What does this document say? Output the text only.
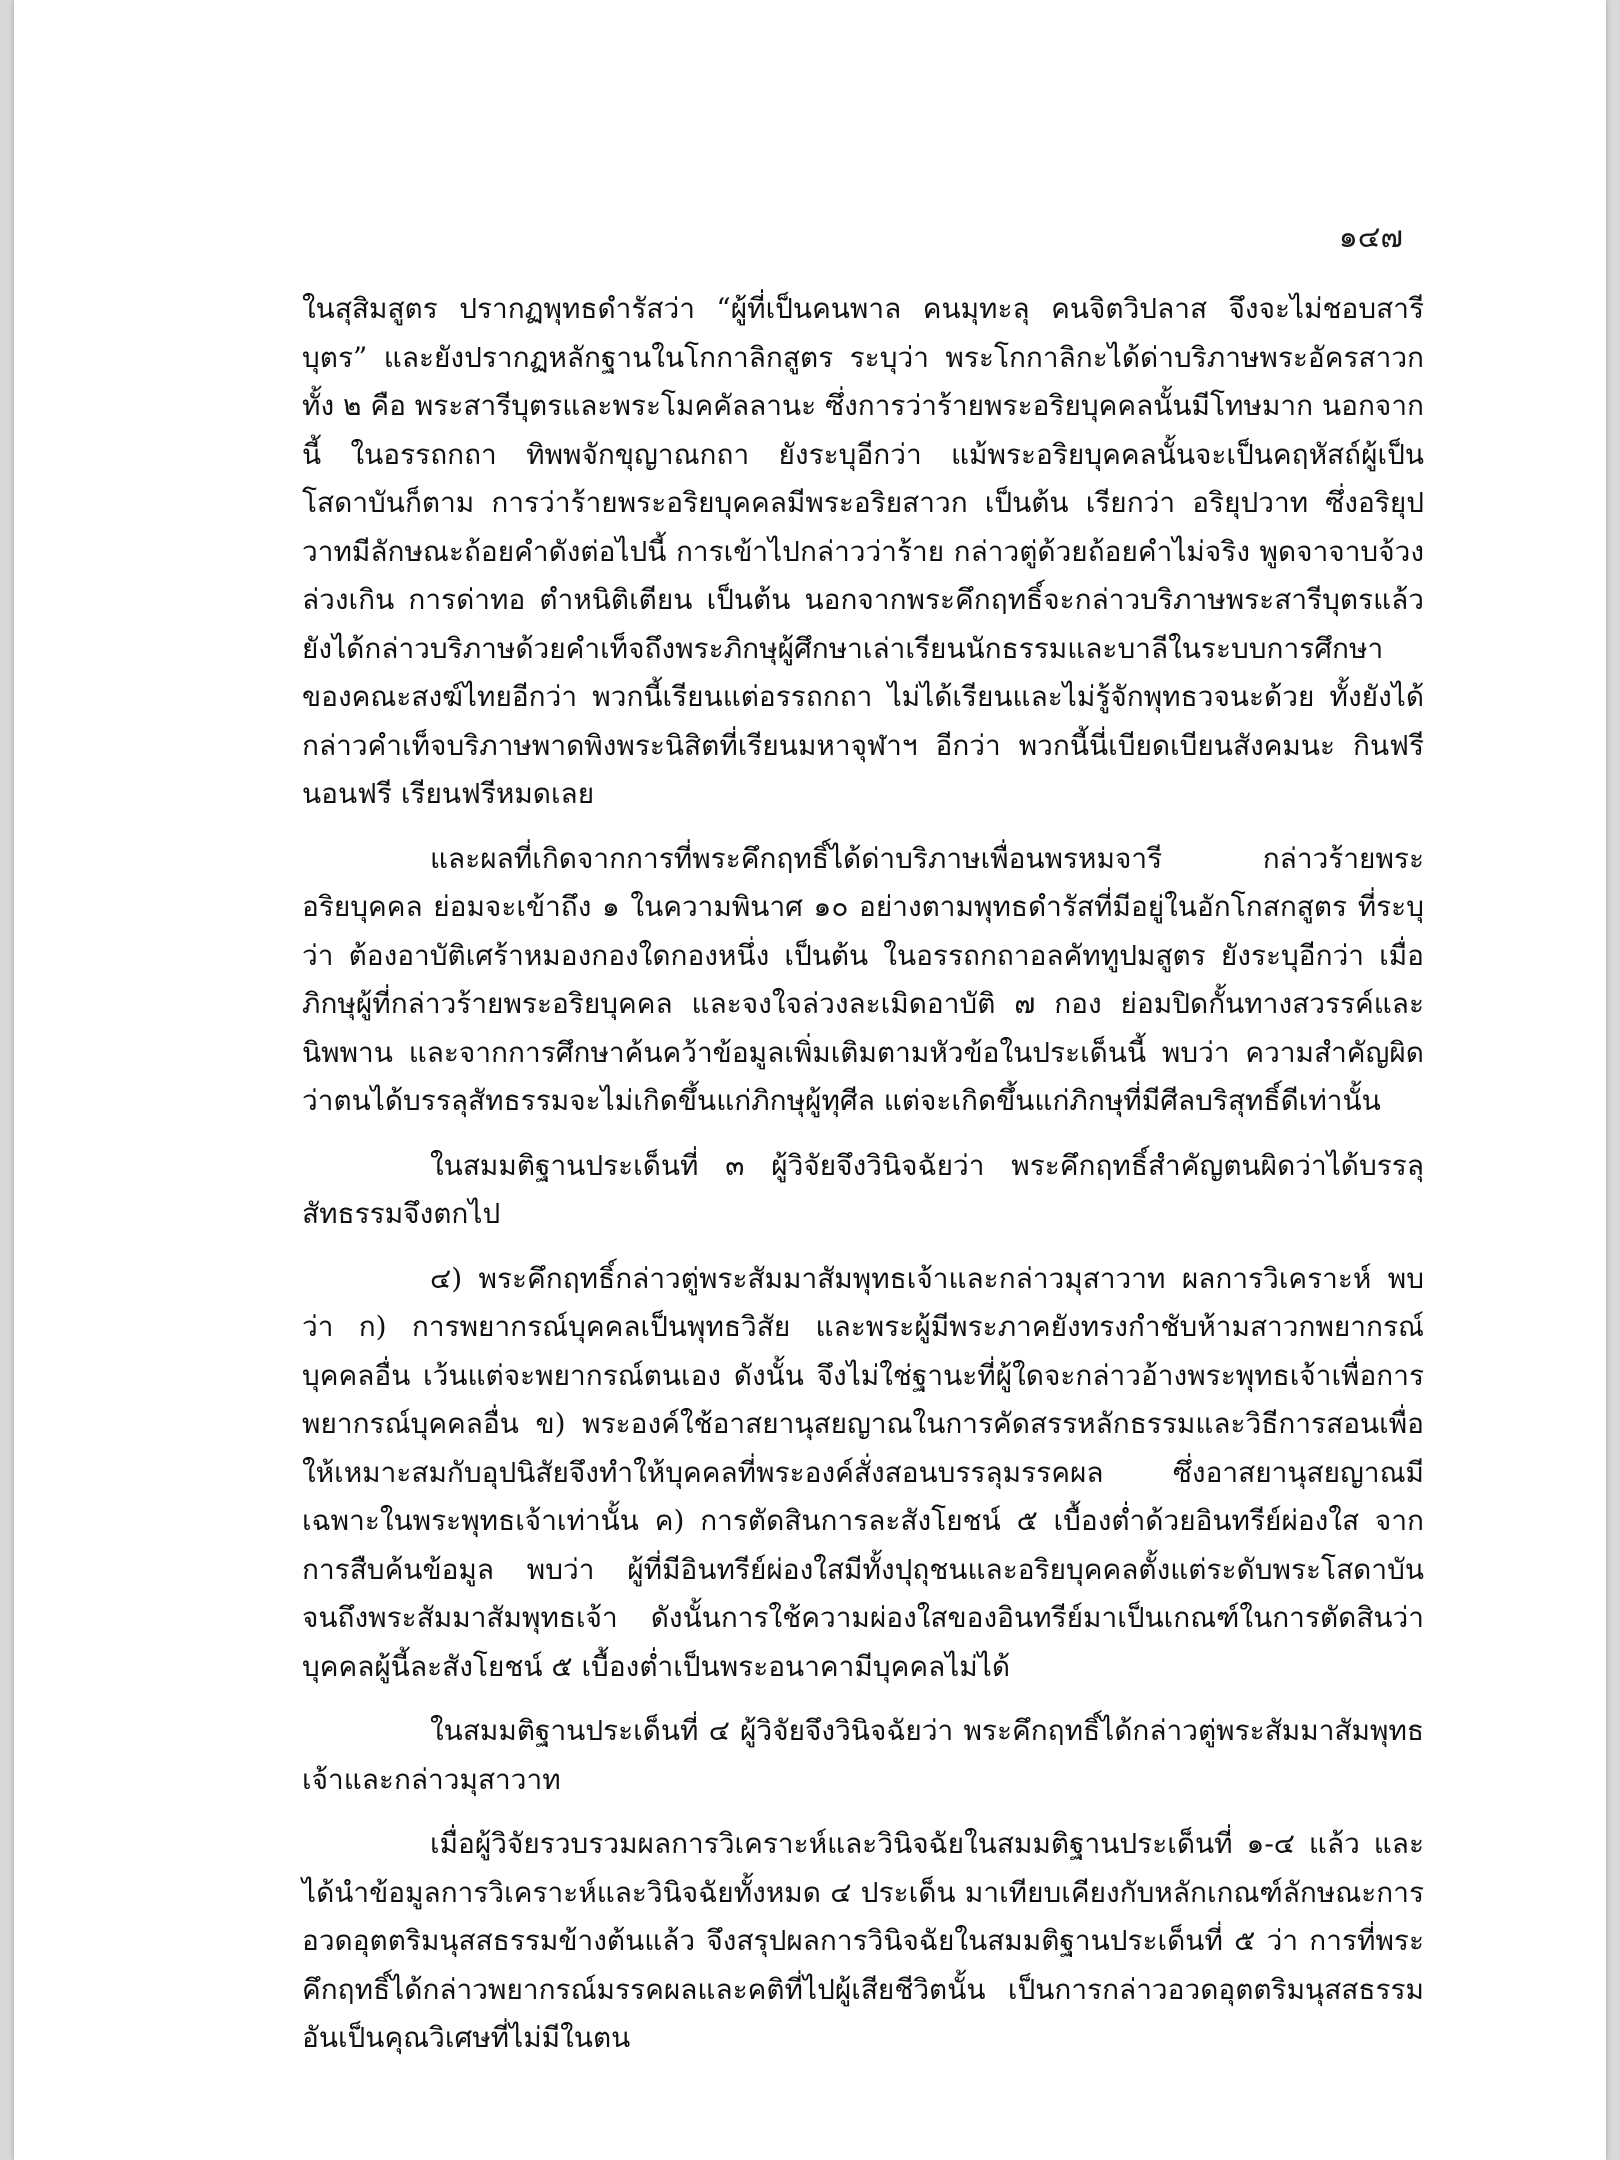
๑๔๗

ในสุสิมสูตร ปรากฏพุทธดำรัสว่า “ผู้ที่เป็นคนพาล คนมุทะลุ คนจิตวิปลาส จึงจะไม่ชอบสารีบุตร” และยังปรากฏหลักฐานในโกกาลิกสูตร ระบุว่า พระโกกาลิกะได้ด่าบริภาษพระอัครสาวกทั้ง ๒ คือ พระสารีบุตรและพระโมคคัลลานะ ซึ่งการว่าร้ายพระอริยบุคคลนั้นมีโทษมาก นอกจากนี้ ในอรรถกถา ทิพพจักขุญาณกถา ยังระบุอีกว่า แม้พระอริยบุคคลนั้นจะเป็นคฤหัสถ์ผู้เป็นโสดาบันก็ตาม การว่าร้ายพระอริยบุคคลมีพระอริยสาวก เป็นต้น เรียกว่า อริยุปวาท ซึ่งอริยุปวาทมีลักษณะถ้อยคำดังต่อไปนี้ การเข้าไปกล่าวว่าร้าย กล่าวตู่ด้วยถ้อยคำไม่จริง พูดจาจาบจ้วงล่วงเกิน การด่าทอ ตำหนิติเตียน เป็นต้น นอกจากพระคึกฤทธิ์จะกล่าวบริภาษพระสารีบุตรแล้ว ยังได้กล่าวบริภาษด้วยคำเท็จถึงพระภิกษุผู้ศึกษาเล่าเรียนนักธรรมและบาลีในระบบการศึกษาของคณะสงฆ์ไทยอีกว่า พวกนี้เรียนแต่อรรถกถา ไม่ได้เรียนและไม่รู้จักพุทธวจนะด้วย ทั้งยังได้กล่าวคำเท็จบริภาษพาดพิงพระนิสิตที่เรียนมหาจุฬาฯ อีกว่า พวกนี้นี่เบียดเบียนสังคมนะ กินฟรี นอนฟรี เรียนฟรีหมดเลย

และผลที่เกิดจากการที่พระคึกฤทธิ์ได้ด่าบริภาษเพื่อนพรหมจารี กล่าวร้ายพระอริยบุคคล ย่อมจะเข้าถึง ๑ ในความพินาศ ๑๐ อย่างตามพุทธดำรัสที่มีอยู่ในอักโกสกสูตร ที่ระบุว่า ต้องอาบัติเศร้าหมองกองใดกองหนึ่ง เป็นต้น ในอรรถกถาอลคัททูปมสูตร ยังระบุอีกว่า เมื่อภิกษุผู้ที่กล่าวร้ายพระอริยบุคคล และจงใจล่วงละเมิดอาบัติ ๗ กอง ย่อมปิดกั้นทางสวรรค์และนิพพาน และจากการศึกษาค้นคว้าข้อมูลเพิ่มเติมตามหัวข้อในประเด็นนี้ พบว่า ความสำคัญผิดว่าตนได้บรรลุสัทธรรมจะไม่เกิดขึ้นแก่ภิกษุผู้ทุศีล แต่จะเกิดขึ้นแก่ภิกษุที่มีศีลบริสุทธิ์ดีเท่านั้น

ในสมมติฐานประเด็นที่ ๓ ผู้วิจัยจึงวินิจฉัยว่า พระคึกฤทธิ์สำคัญตนผิดว่าได้บรรลุสัทธรรมจึงตกไป

๔) พระคึกฤทธิ์กล่าวตู่พระสัมมาสัมพุทธเจ้าและกล่าวมุสาวาท ผลการวิเคราะห์ พบว่า ก) การพยากรณ์บุคคลเป็นพุทธวิสัย และพระผู้มีพระภาคยังทรงกำชับห้ามสาวกพยากรณ์บุคคลอื่น เว้นแต่จะพยากรณ์ตนเอง ดังนั้น จึงไม่ใช่ฐานะที่ผู้ใดจะกล่าวอ้างพระพุทธเจ้าเพื่อการพยากรณ์บุคคลอื่น ข) พระองค์ใช้อาสยานุสยญาณในการคัดสรรหลักธรรมและวิธีการสอนเพื่อให้เหมาะสมกับอุปนิสัยจึงทำให้บุคคลที่พระองค์สั่งสอนบรรลุมรรคผล ซึ่งอาสยานุสยญาณมีเฉพาะในพระพุทธเจ้าเท่านั้น ค) การตัดสินการละสังโยชน์ ๕ เบื้องต่ำด้วยอินทรีย์ผ่องใส จากการสืบค้นข้อมูล พบว่า ผู้ที่มีอินทรีย์ผ่องใสมีทั้งปุถุชนและอริยบุคคลตั้งแต่ระดับพระโสดาบันจนถึงพระสัมมาสัมพุทธเจ้า ดังนั้นการใช้ความผ่องใสของอินทรีย์มาเป็นเกณฑ์ในการตัดสินว่าบุคคลผู้นี้ละสังโยชน์ ๕ เบื้องต่ำเป็นพระอนาคามีบุคคลไม่ได้

ในสมมติฐานประเด็นที่ ๔ ผู้วิจัยจึงวินิจฉัยว่า พระคึกฤทธิ์ได้กล่าวตู่พระสัมมาสัมพุทธเจ้าและกล่าวมุสาวาท

เมื่อผู้วิจัยรวบรวมผลการวิเคราะห์และวินิจฉัยในสมมติฐานประเด็นที่ ๑-๔ แล้ว และได้นำข้อมูลการวิเคราะห์และวินิจฉัยทั้งหมด ๔ ประเด็น มาเทียบเคียงกับหลักเกณฑ์ลักษณะการอวดอุตตริมนุสสธรรมข้างต้นแล้ว จึงสรุปผลการวินิจฉัยในสมมติฐานประเด็นที่ ๕ ว่า การที่พระคึกฤทธิ์ได้กล่าวพยากรณ์มรรคผลและคติที่ไปผู้เสียชีวิตนั้น เป็นการกล่าวอวดอุตตริมนุสสธรรมอันเป็นคุณวิเศษที่ไม่มีในตน
